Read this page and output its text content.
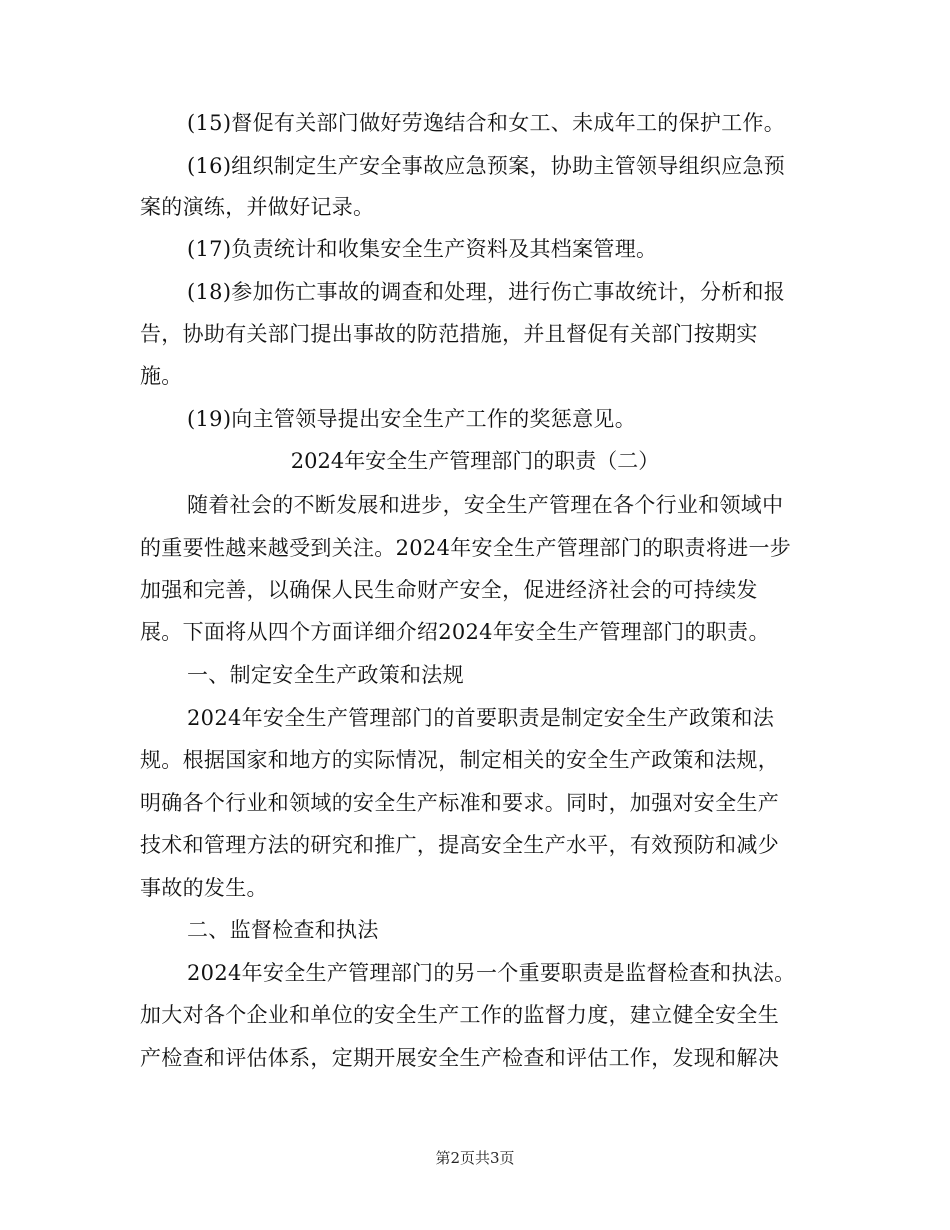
(15)督促有关部门做好劳逸结合和女工、未成年工的保护工作。
(16)组织制定生产安全事故应急预案，协助主管领导组织应急预
案的演练，并做好记录。
(17)负责统计和收集安全生产资料及其档案管理。
(18)参加伤亡事故的调查和处理，进行伤亡事故统计，分析和报
告，协助有关部门提出事故的防范措施，并且督促有关部门按期实
施。
(19)向主管领导提出安全生产工作的奖惩意见。
2024年安全生产管理部门的职责（二）
随着社会的不断发展和进步，安全生产管理在各个行业和领域中
的重要性越来越受到关注。2024年安全生产管理部门的职责将进一步
加强和完善，以确保人民生命财产安全，促进经济社会的可持续发
展。下面将从四个方面详细介绍2024年安全生产管理部门的职责。
一、制定安全生产政策和法规
2024年安全生产管理部门的首要职责是制定安全生产政策和法
规。根据国家和地方的实际情况，制定相关的安全生产政策和法规，
明确各个行业和领域的安全生产标准和要求。同时，加强对安全生产
技术和管理方法的研究和推广，提高安全生产水平，有效预防和减少
事故的发生。
二、监督检查和执法
2024年安全生产管理部门的另一个重要职责是监督检查和执法。
加大对各个企业和单位的安全生产工作的监督力度，建立健全安全生
产检查和评估体系，定期开展安全生产检查和评估工作，发现和解决
第2页共3页
